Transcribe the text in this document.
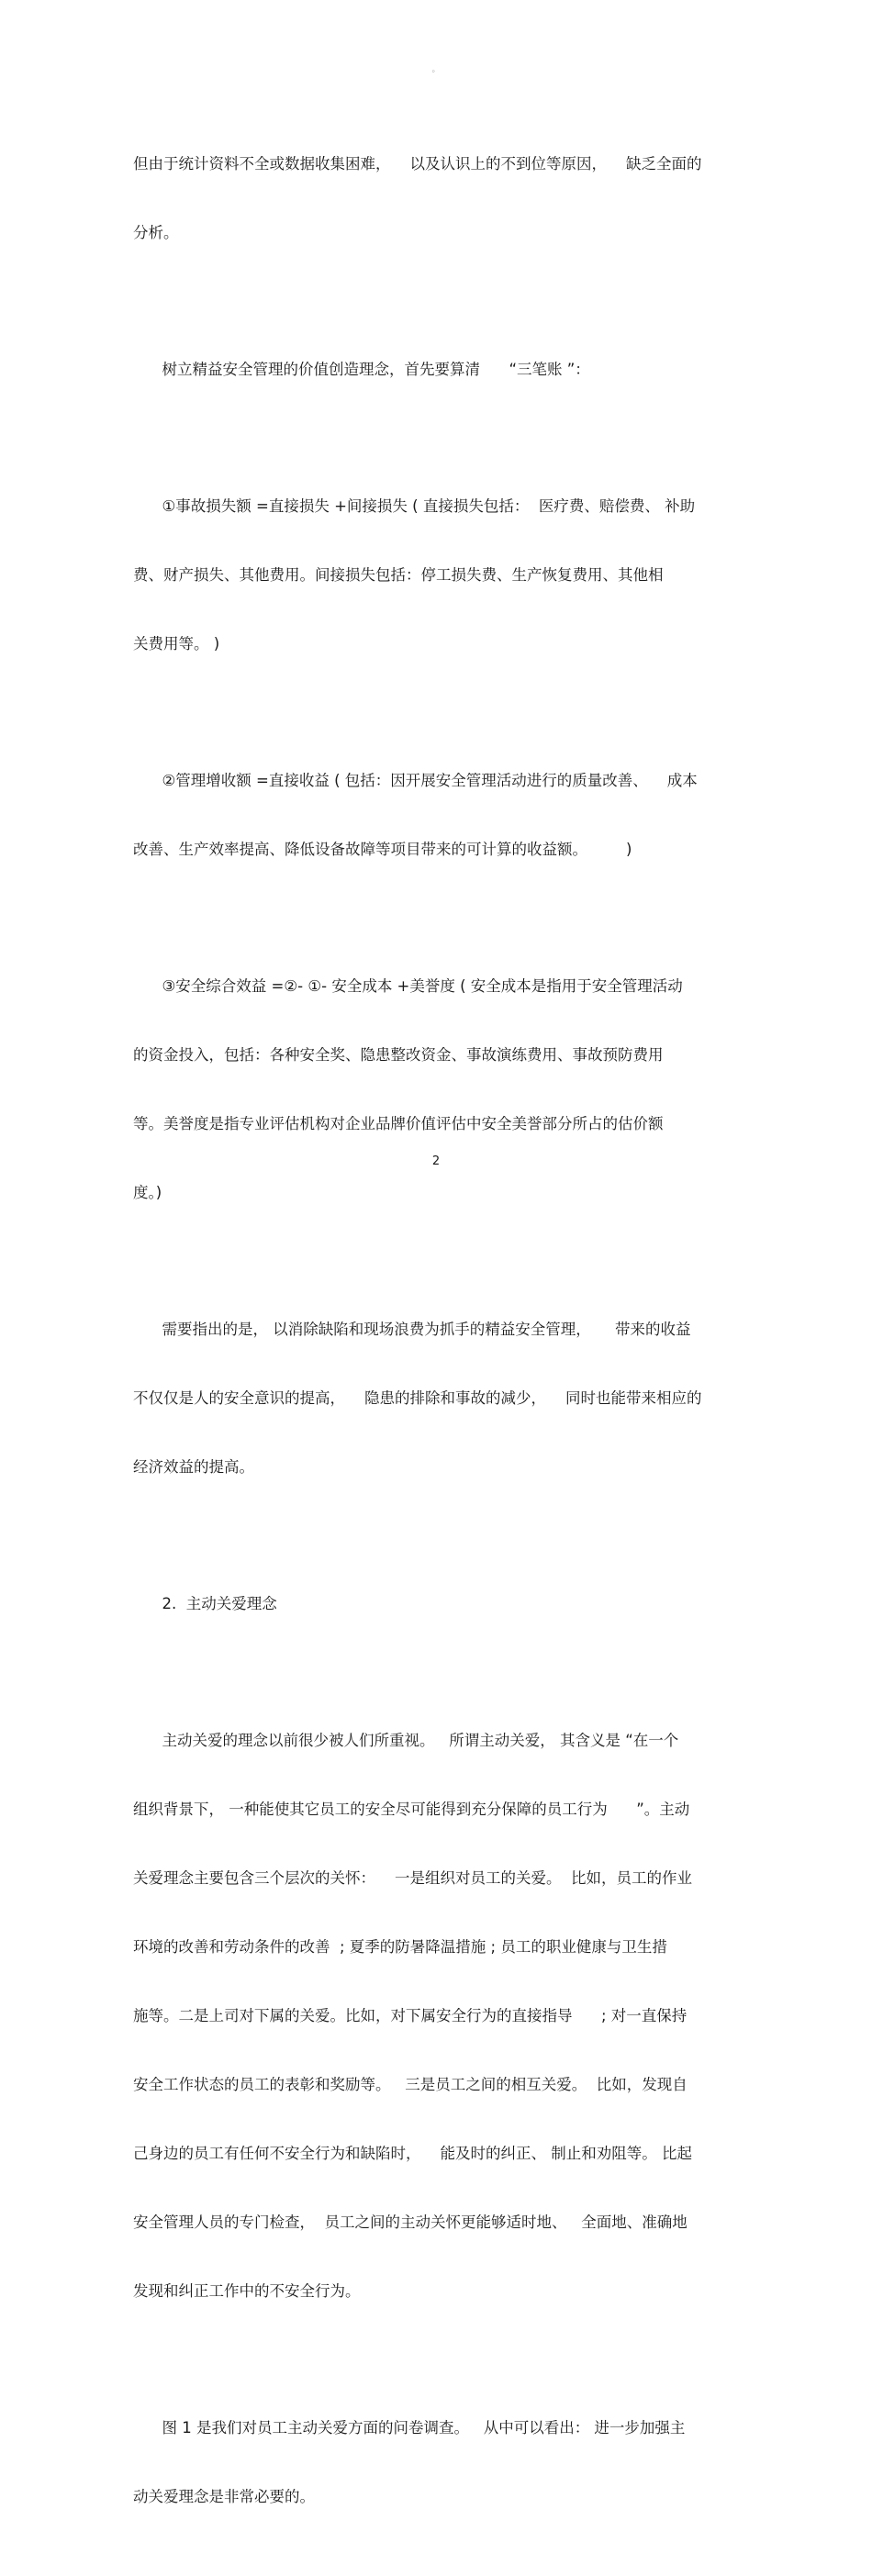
。

但由于统计资料不全或数据收集困难，    以及认识上的不到位等原因，    缺乏全面的

分析。

树立精益安全管理的价值创造理念，首先要算清      “三笔账 ”：

①事故损失额 =直接损失 +间接损失 ( 直接损失包括：  医疗费、赔偿费、 补助

费、财产损失、其他费用。间接损失包括：停工损失费、生产恢复费用、其他相

关费用等。 )

②管理增收额 =直接收益 ( 包括：因开展安全管理活动进行的质量改善、    成本

改善、生产效率提高、降低设备故障等项目带来的可计算的收益额。        )

③安全综合效益 =②- ①- 安全成本 +美誉度 ( 安全成本是指用于安全管理活动

的资金投入，包括：各种安全奖、隐患整改资金、事故演练费用、事故预防费用

等。美誉度是指专业评估机构对企业品牌价值评估中安全美誉部分所占的估价额

度。)

需要指出的是， 以消除缺陷和现场浪费为抓手的精益安全管理，     带来的收益

不仅仅是人的安全意识的提高，    隐患的排除和事故的减少，    同时也能带来相应的

经济效益的提高。

2.  主动关爱理念

主动关爱的理念以前很少被人们所重视。   所谓主动关爱， 其含义是 “在一个

组织背景下， 一种能使其它员工的安全尽可能得到充分保障的员工行为      ”。主动

关爱理念主要包含三个层次的关怀：    一是组织对员工的关爱。  比如，员工的作业

环境的改善和劳动条件的改善  ; 夏季的防暑降温措施 ; 员工的职业健康与卫生措

施等。二是上司对下属的关爱。比如，对下属安全行为的直接指导      ; 对一直保持

安全工作状态的员工的表彰和奖励等。   三是员工之间的相互关爱。  比如，发现自

己身边的员工有任何不安全行为和缺陷时，    能及时的纠正、 制止和劝阻等。 比起

安全管理人员的专门检查，  员工之间的主动关怀更能够适时地、   全面地、准确地

发现和纠正工作中的不安全行为。

图 1 是我们对员工主动关爱方面的问卷调查。   从中可以看出： 进一步加强主

动关爱理念是非常必要的。

2
